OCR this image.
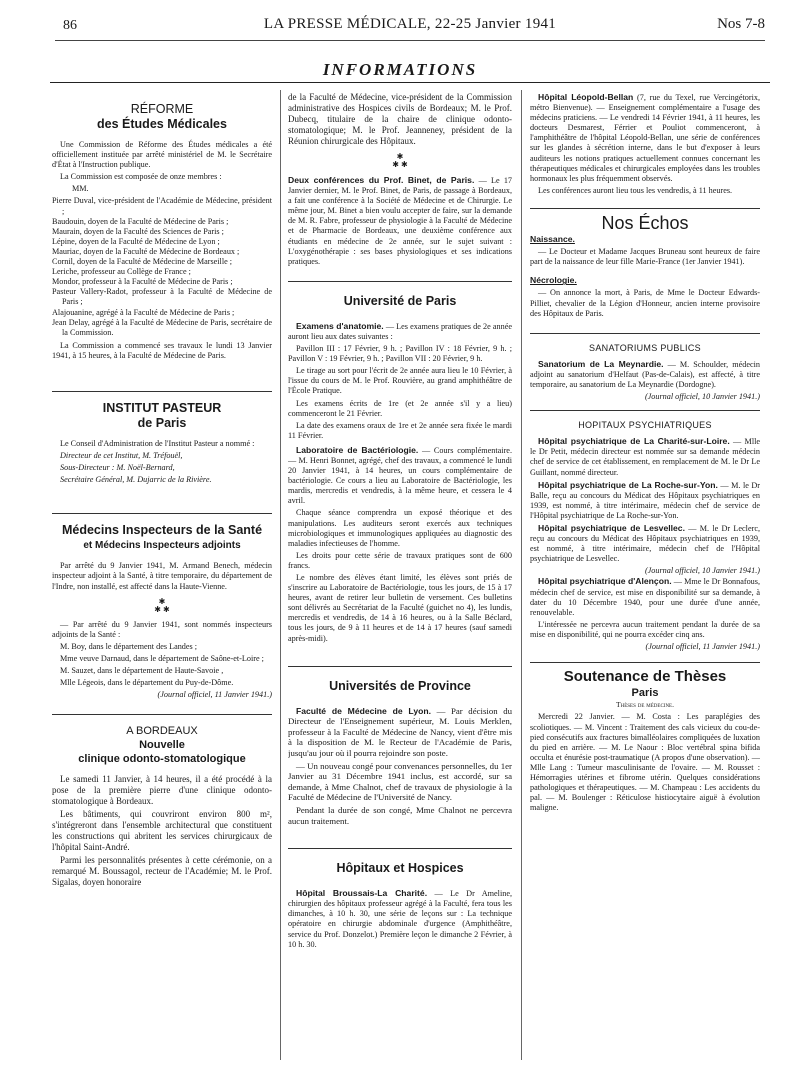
86	LA PRESSE MÉDICALE, 22-25 Janvier 1941	Nos 7-8
INFORMATIONS
RÉFORME
des Études Médicales

Une Commission de Réforme des Études médicales a été officiellement instituée par arrêté ministériel de M. le Secrétaire d'État à l'Instruction publique.

La Commission est composée de onze membres :

MM.

Pierre Duval, vice-président de l'Académie de Médecine, président ;
Baudouin, doyen de la Faculté de Médecine de Paris ;
Maurain, doyen de la Faculté des Sciences de Paris ;
Lépine, doyen de la Faculté de Médecine de Lyon ;
Mauriac, doyen de la Faculté de Médecine de Bordeaux ;
Cornil, doyen de la Faculté de Médecine de Marseille ;
Leriche, professeur au Collège de France ;
Mondor, professeur à la Faculté de Médecine de Paris ;
Pasteur Vallery-Radot, professeur à la Faculté de Médecine de Paris ;
Alajouanine, agrégé à la Faculté de Médecine de Paris ;
Jean Delay, agrégé à la Faculté de Médecine de Paris, secrétaire de la Commission.

La Commission a commencé ses travaux le lundi 13 Janvier 1941, à 15 heures, à la Faculté de Médecine de Paris.

INSTITUT PASTEUR
de Paris

Le Conseil d'Administration de l'Institut Pasteur a nommé :

Directeur de cet Institut, M. Tréfouël,

Sous-Directeur : M. Noël-Bernard,

Secrétaire Général, M. Dujarric de la Rivière.

Médecins Inspecteurs de la Santé
et Médecins Inspecteurs adjoints

Par arrêté du 9 Janvier 1941, M. Armand Benech, médecin inspecteur adjoint à la Santé, à titre temporaire, du département de l'Indre, non installé, est affecté dans la Haute-Vienne.

✱
✱ ✱

— Par arrêté du 9 Janvier 1941, sont nommés inspecteurs adjoints de la Santé :

M. Boy, dans le département des Landes ;

Mme veuve Darnaud, dans le département de Saône-et-Loire ;

M. Sauzet, dans le département de Haute-Savoie ,

Mlle Légeois, dans le département du Puy-de-Dôme.

(Journal officiel, 11 Janvier 1941.)
A BORDEAUX
Nouvelle
clinique odonto-stomatologique

Le samedi 11 Janvier, à 14 heures, il a été procédé à la pose de la première pierre d'une clinique odonto-stomatologique à Bordeaux.

Les bâtiments, qui couvriront environ 800 m², s'intégreront dans l'ensemble architectural que constituent les constructions qui abritent les services chirurgicaux de l'hôpital Saint-André.

Parmi les personnalités présentes à cette cérémonie, on a remarqué M. Boussagol, recteur de l'Académie; M. le Prof. Sigalas, doyen honoraire

de la Faculté de Médecine, vice-président de la Commission administrative des Hospices civils de Bordeaux; M. le Prof. Dubecq, titulaire de la chaire de clinique odonto-stomatologique; M. le Prof. Jeanneney, président de la Réunion chirurgicale des Hôpitaux.

✱
✱ ✱

Deux conférences du Prof. Binet, de Paris. — Le 17 Janvier dernier, M. le Prof. Binet, de Paris, de passage à Bordeaux, a fait une conférence à la Société de Médecine et de Chirurgie. Le même jour, M. Binet a bien voulu accepter de faire, sur la demande de M. R. Fabre, professeur de physiologie à la Faculté de Médecine et de Pharmacie de Bordeaux, une deuxième conférence aux étudiants en médecine de 2e année, sur le sujet suivant : L'oxygénothérapie : ses bases physiologiques et ses indications pratiques.

Université de Paris

Examens d'anatomie. — Les examens pratiques de 2e année auront lieu aux dates suivantes :

Pavillon III : 17 Février, 9 h. ; Pavillon IV : 18 Février, 9 h. ; Pavillon V : 19 Février, 9 h. ; Pavillon VII : 20 Février, 9 h.

Le tirage au sort pour l'écrit de 2e année aura lieu le 10 Février, à l'issue du cours de M. le Prof. Rouvière, au grand amphithéâtre de l'École Pratique.

Les examens écrits de 1re (et 2e année s'il y a lieu) commenceront le 21 Février.

La date des examens oraux de 1re et 2e année sera fixée le mardi 11 Février.

Laboratoire de Bactériologie. — Cours complémentaire. — M. Henri Bonnet, agrégé, chef des travaux, a commencé le lundi 20 Janvier 1941, à 14 heures, un cours complémentaire de bactériologie. Ce cours a lieu au Laboratoire de Bactériologie, les mardis, mercredis et vendredis, à la même heure, et cessera le 4 avril.

Chaque séance comprendra un exposé théorique et des manipulations. Les auditeurs seront exercés aux techniques microbiologiques et immunologiques appliquées au diagnostic des maladies infectieuses de l'homme.

Les droits pour cette série de travaux pratiques sont de 600 francs.

Le nombre des élèves étant limité, les élèves sont priés de s'inscrire au Laboratoire de Bactériologie, tous les jours, de 15 à 17 heures, avant de retirer leur bulletin de versement. Ces bulletins sont délivrés au Secrétariat de la Faculté (guichet no 4), les lundis, mercredis et vendredis, de 14 à 16 heures, ou à la Salle Béclard, tous les jours, de 9 à 11 heures et de 14 à 17 heures (sauf samedi après-midi).

Universités de Province

Faculté de Médecine de Lyon. — Par décision du Directeur de l'Enseignement supérieur, M. Louis Merklen, professeur à la Faculté de Médecine de Nancy, vient d'être mis à la disposition de M. le Recteur de l'Académie de Paris, jusqu'au jour où il pourra rejoindre son poste.

— Un nouveau congé pour convenances personnelles, du 1er Janvier au 31 Décembre 1941 inclus, est accordé, sur sa demande, à Mme Chalnot, chef de travaux de physiologie à la Faculté de Médecine de l'Université de Nancy.

Pendant la durée de son congé, Mme Chalnot ne percevra aucun traitement.

Hôpitaux et Hospices

Hôpital Broussais-La Charité. — Le Dr Ameline, chirurgien des hôpitaux professeur agrégé à la Faculté, fera tous les dimanches, à 10 h. 30, une série de leçons sur : La technique opératoire en chirurgie abdominale d'urgence (Amphithéâtre, service du Prof. Donzelot.) Première leçon le dimanche 2 Février, à 10 h. 30.

Hôpital Léopold-Bellan (7, rue du Texel, rue Vercingétorix, métro Bienvenue). — Enseignement complémentaire a l'usage des médecins praticiens. — Le vendredi 14 Février 1941, à 11 heures, les docteurs Desmarest, Férrier et Pouliot commenceront, à l'amphithéâtre de l'hôpital Léopold-Bellan, une série de conférences sur les glandes à sécrétion interne, dans le but d'exposer à leurs auditeurs les notions pratiques actuellement connues concernant les thérapeutiques médicales et chirurgicales employées dans les troubles hormonaux les plus fréquemment observés.

Les conférences auront lieu tous les vendredis, à 11 heures.

Nos Échos
Naissance.

— Le Docteur et Madame Jacques Bruneau sont heureux de faire part de la naissance de leur fille Marie-France (1er Janvier 1941).

Nécrologie.

— On annonce la mort, à Paris, de Mme le Docteur Edwards-Pilliet, chevalier de la Légion d'Honneur, ancien interne provisoire des Hôpitaux de Paris.

SANATORIUMS PUBLICS

Sanatorium de La Meynardie. — M. Schoulder, médecin adjoint au sanatorium d'Helfaut (Pas-de-Calais), est affecté, à titre temporaire, au sanatorium de La Meynardie (Dordogne).

(Journal officiel, 10 Janvier 1941.)
HOPITAUX PSYCHIATRIQUES

Hôpital psychiatrique de La Charité-sur-Loire. — Mlle le Dr Petit, médecin directeur est nommée sur sa demande médecin chef de service de cet établissement, en remplacement de M. le Dr Le Guillant, nommé directeur.

Hôpital psychiatrique de La Roche-sur-Yon. — M. le Dr Balle, reçu au concours du Médicat des Hôpitaux psychiatriques en 1939, est nommé, à titre intérimaire, médecin chef de service de l'Hôpital psychiatrique de La Roche-sur-Yon.

Hôpital psychiatrique de Lesvellec. — M. le Dr Leclerc, reçu au concours du Médicat des Hôpitaux psychiatriques en 1939, est nommé, à titre intérimaire, médecin chef de l'Hôpital psychiatrique de Lesvellec.

(Journal officiel, 10 Janvier 1941.)

Hôpital psychiatrique d'Alençon. — Mme le Dr Bonnafous, médecin chef de service, est mise en disponibilité sur sa demande, à dater du 10 Décembre 1940, pour une durée d'une année, renouvelable.

L'intéressée ne percevra aucun traitement pendant la durée de sa mise en disponibilité, qui ne pourra excéder cinq ans.

(Journal officiel, 11 Janvier 1941.)
Soutenance de Thèses
Paris
Thèses de médecine.

Mercredi 22 Janvier. — M. Costa : Les paraplégies des scoliotiques. — M. Vincent : Traitement des cals vicieux du cou-de-pied consécutifs aux fractures bimalléolaires compliquées de luxation du pied en arrière. — M. Le Naour : Bloc vertébral spina bifida occulta et énurésie post-traumatique (A propos d'une observation). — Mlle Lang : Tumeur masculinisante de l'ovaire. — M. Rousset : Hémorragies utérines et fibrome utérin. Quelques considérations pathologiques et thérapeutiques. — M. Champeau : Les accidents du pal. — M. Boulenger : Réticulose histiocytaire aiguë à évolution maligne.
